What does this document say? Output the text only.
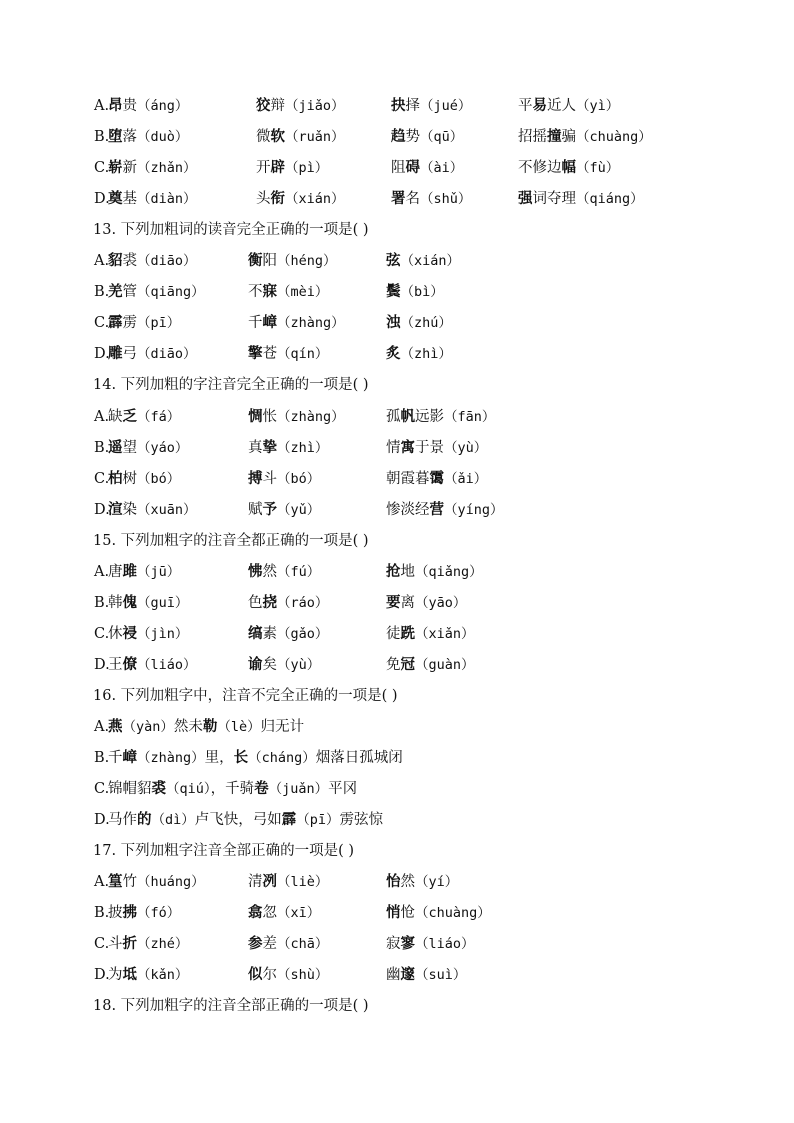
A.
昂贵（áng）	狡辩（jiǎo）	抉择（jué）	平易近人（yì）
B.
堕落（duò）	微软（ruǎn）	趋势（qū）	招摇撞骗（chuàng）
C.
崭新（zhǎn）	开辟（pì）	阻碍（ài）	不修边幅（fù）
D.
奠基（diàn）	头衔（xián）	署名（shǔ）	强词夺理（qiáng）
13. 下列加粗词的读音完全正确的一项是( )
A.
貂裘（diāo）	衡阳（héng）	弦（xián）
B.
羌管（qiāng）	不寐（mèi）	鬓（bì）
C.
霹雳（pī）	千嶂（zhàng）	浊（zhú）
D.
雕弓（diāo）	擎苍（qín）	炙（zhì）
14. 下列加粗的字注音完全正确的一项是( )
A.
缺乏（fá）	惆怅（zhàng）	孤帆远影（fān）
B.
遥望（yáo）	真挚（zhì）	情寓于景（yù）
C.
柏树（bó）	搏斗（bó）	朝霞暮霭（ǎi）
D.
渲染（xuān）	赋予（yǔ）	惨淡经营（yíng）
15. 下列加粗字的注音全都正确的一项是( )
A.
唐雎（jū）	怫然（fú）	抢地（qiǎng）
B.
韩傀（guī）	色挠（ráo）	要离（yāo）
C.
休祲（jìn）	缟素（gǎo）	徒跣（xiǎn）
D.
王僚（liáo）	谕矣（yù）	免冠（guàn）
16. 下列加粗字中，注音不完全正确的一项是( )
A.
燕（yàn）然未勒（lè）归无计
B.
千嶂（zhàng）里，长（cháng）烟落日孤城闭
C.
锦帽貂裘（qiú），千骑卷（juǎn）平冈
D.
马作的（dì）卢飞快，弓如霹（pī）雳弦惊
17. 下列加粗字注音全部正确的一项是( )
A.
篁竹（huáng）	清冽（liè）	怡然（yí）
B.
披拂（fó）	翕忽（xī）	悄怆（chuàng）
C.
斗折（zhé）	参差（chā）	寂寥（liáo）
D.
为坻（kǎn）	似尔（shù）	幽邃（suì）
18. 下列加粗字的注音全部正确的一项是( )
